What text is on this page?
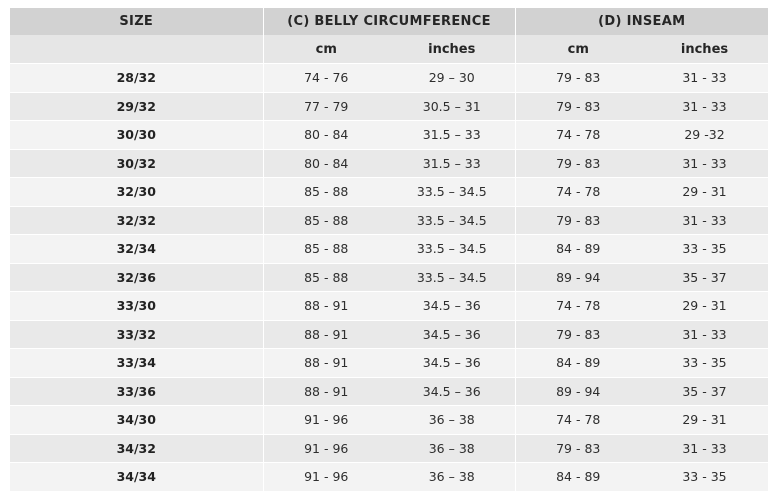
SIZE	(C) BELLY CIRCUMFERENCE		(D) INSEAM	
	cm	inches	cm	inches
28/32	74 - 76	29 – 30	79 - 83	31 - 33
29/32	77 - 79	30.5 – 31	79 - 83	31 - 33
30/30	80 - 84	31.5 – 33	74 - 78	29 -32
30/32	80 - 84	31.5 – 33	79 - 83	31 - 33
32/30	85 - 88	33.5 – 34.5	74 - 78	29 - 31
32/32	85 - 88	33.5 – 34.5	79 - 83	31 - 33
32/34	85 - 88	33.5 – 34.5	84 - 89	33 - 35
32/36	85 - 88	33.5 – 34.5	89 - 94	35 - 37
33/30	88 - 91	34.5 – 36	74 - 78	29 - 31
33/32	88 - 91	34.5 – 36	79 - 83	31 - 33
33/34	88 - 91	34.5 – 36	84 - 89	33 - 35
33/36	88 - 91	34.5 – 36	89 - 94	35 - 37
34/30	91 - 96	36 – 38	74 - 78	29 - 31
34/32	91 - 96	36 – 38	79 - 83	31 - 33
34/34	91 - 96	36 – 38	84 - 89	33 - 35
